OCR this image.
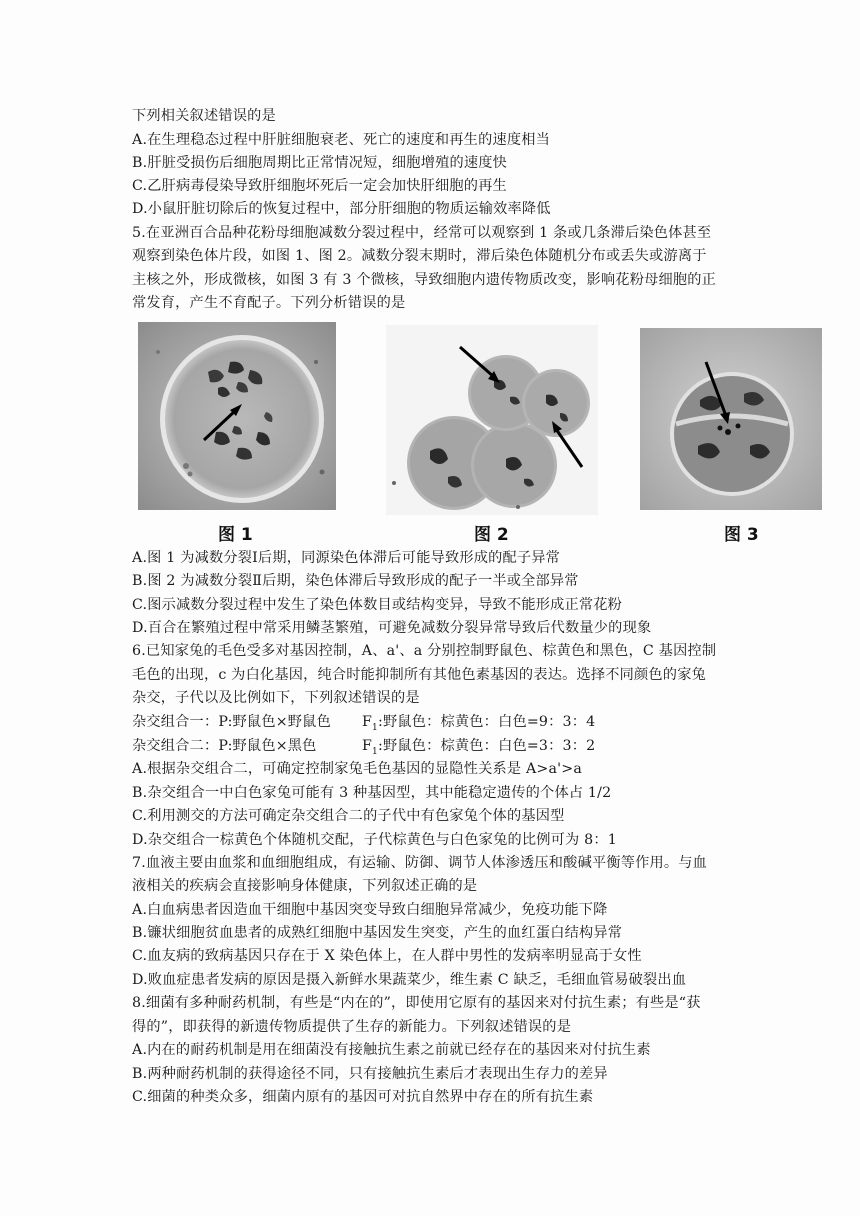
下列相关叙述错误的是
A.在生理稳态过程中肝脏细胞衰老、死亡的速度和再生的速度相当
B.肝脏受损伤后细胞周期比正常情况短，细胞增殖的速度快
C.乙肝病毒侵染导致肝细胞坏死后一定会加快肝细胞的再生
D.小鼠肝脏切除后的恢复过程中，部分肝细胞的物质运输效率降低
5.在亚洲百合品种花粉母细胞减数分裂过程中，经常可以观察到 1 条或几条滞后染色体甚至
观察到染色体片段，如图 1、图 2。减数分裂末期时，滞后染色体随机分布或丢失或游离于
主核之外，形成微核，如图 3 有 3 个微核，导致细胞内遗传物质改变，影响花粉母细胞的正
常发育，产生不育配子。下列分析错误的是
图 1	图 2	图 3
A.图 1 为减数分裂Ⅰ后期，同源染色体滞后可能导致形成的配子异常
B.图 2 为减数分裂Ⅱ后期，染色体滞后导致形成的配子一半或全部异常
C.图示减数分裂过程中发生了染色体数目或结构变异，导致不能形成正常花粉
D.百合在繁殖过程中常采用鳞茎繁殖，可避免减数分裂异常导致后代数量少的现象
6.已知家兔的毛色受多对基因控制，A、a'、a 分别控制野鼠色、棕黄色和黑色，C 基因控制
毛色的出现，c 为白化基因，纯合时能抑制所有其他色素基因的表达。选择不同颜色的家兔
杂交，子代以及比例如下，下列叙述错误的是
杂交组合一：P:野鼠色×野鼠色 $F_1$:野鼠色：棕黄色：白色=9：3：4
杂交组合二：P:野鼠色×黑色	$F_1$:野鼠色：棕黄色：白色=3：3：2
A.根据杂交组合二，可确定控制家兔毛色基因的显隐性关系是 A>a'>a
B.杂交组合一中白色家兔可能有 3 种基因型，其中能稳定遗传的个体占 1/2
C.利用测交的方法可确定杂交组合二的子代中有色家兔个体的基因型
D.杂交组合一棕黄色个体随机交配，子代棕黄色与白色家兔的比例可为 8：1
7.血液主要由血浆和血细胞组成，有运输、防御、调节人体渗透压和酸碱平衡等作用。与血
液相关的疾病会直接影响身体健康，下列叙述正确的是
A.白血病患者因造血干细胞中基因突变导致白细胞异常减少，免疫功能下降
B.镰状细胞贫血患者的成熟红细胞中基因发生突变，产生的血红蛋白结构异常
C.血友病的致病基因只存在于 X 染色体上，在人群中男性的发病率明显高于女性
D.败血症患者发病的原因是摄入新鲜水果蔬菜少，维生素 C 缺乏，毛细血管易破裂出血
8.细菌有多种耐药机制，有些是“内在的”，即使用它原有的基因来对付抗生素；有些是“获
得的”，即获得的新遗传物质提供了生存的新能力。下列叙述错误的是
A.内在的耐药机制是用在细菌没有接触抗生素之前就已经存在的基因来对付抗生素
B.两种耐药机制的获得途径不同，只有接触抗生素后才表现出生存力的差异
C.细菌的种类众多，细菌内原有的基因可对抗自然界中存在的所有抗生素
